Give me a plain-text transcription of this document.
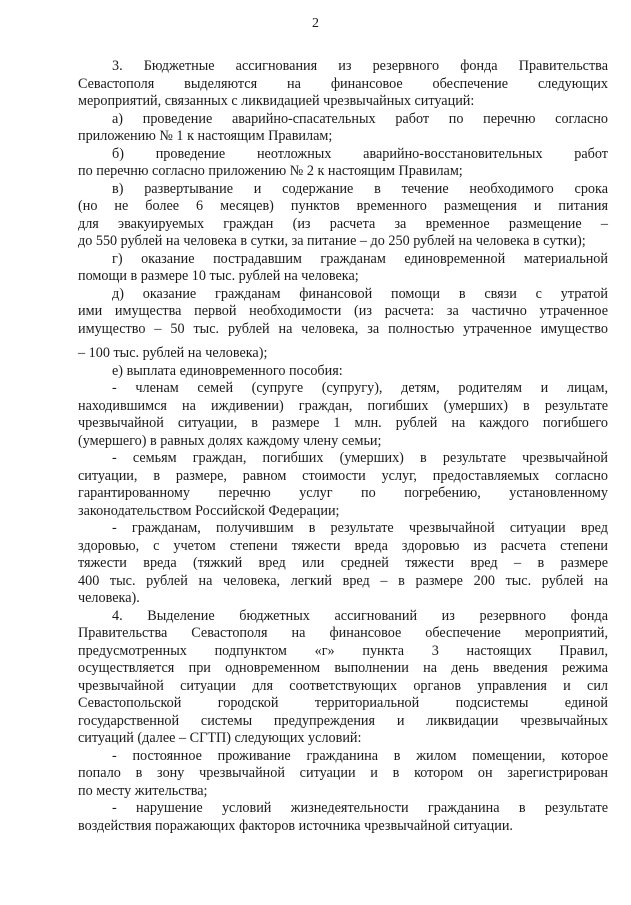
2
3. Бюджетные ассигнования из резервного фонда Правительства
Севастополя выделяются на финансовое обеспечение следующих
мероприятий, связанных с ликвидацией чрезвычайных ситуаций:
а) проведение аварийно-спасательных работ по перечню согласно
приложению № 1 к настоящим Правилам;
б) проведение неотложных аварийно-восстановительных работ
по перечню согласно приложению № 2 к настоящим Правилам;
в) развертывание и содержание в течение необходимого срока
(но не более 6 месяцев) пунктов временного размещения и питания
для эвакуируемых граждан (из расчета за временное размещение –
до 550 рублей на человека в сутки, за питание – до 250 рублей на человека в сутки);
г) оказание пострадавшим гражданам единовременной материальной
помощи в размере 10 тыс. рублей на человека;
д) оказание гражданам финансовой помощи в связи с утратой
ими имущества первой необходимости (из расчета: за частично утраченное
имущество – 50 тыс. рублей на человека, за полностью утраченное имущество
– 100 тыс. рублей на человека);
е) выплата единовременного пособия:
- членам семей (супруге (супругу), детям, родителям и лицам,
находившимся на иждивении) граждан, погибших (умерших) в результате
чрезвычайной ситуации, в размере 1 млн. рублей на каждого погибшего
(умершего) в равных долях каждому члену семьи;
- семьям граждан, погибших (умерших) в результате чрезвычайной
ситуации, в размере, равном стоимости услуг, предоставляемых согласно
гарантированному перечню услуг по погребению, установленному
законодательством Российской Федерации;
- гражданам, получившим в результате чрезвычайной ситуации вред
здоровью, с учетом степени тяжести вреда здоровью из расчета степени
тяжести вреда (тяжкий вред или средней тяжести вред – в размере
400 тыс. рублей на человека, легкий вред – в размере 200 тыс. рублей на
человека).
4. Выделение бюджетных ассигнований из резервного фонда
Правительства Севастополя на финансовое обеспечение мероприятий,
предусмотренных подпунктом «г» пункта 3 настоящих Правил,
осуществляется при одновременном выполнении на день введения режима
чрезвычайной ситуации для соответствующих органов управления и сил
Севастопольской городской территориальной подсистемы единой
государственной системы предупреждения и ликвидации чрезвычайных
ситуаций (далее – СГТП) следующих условий:
- постоянное проживание гражданина в жилом помещении, которое
попало в зону чрезвычайной ситуации и в котором он зарегистрирован
по месту жительства;
- нарушение условий жизнедеятельности гражданина в результате
воздействия поражающих факторов источника чрезвычайной ситуации.
